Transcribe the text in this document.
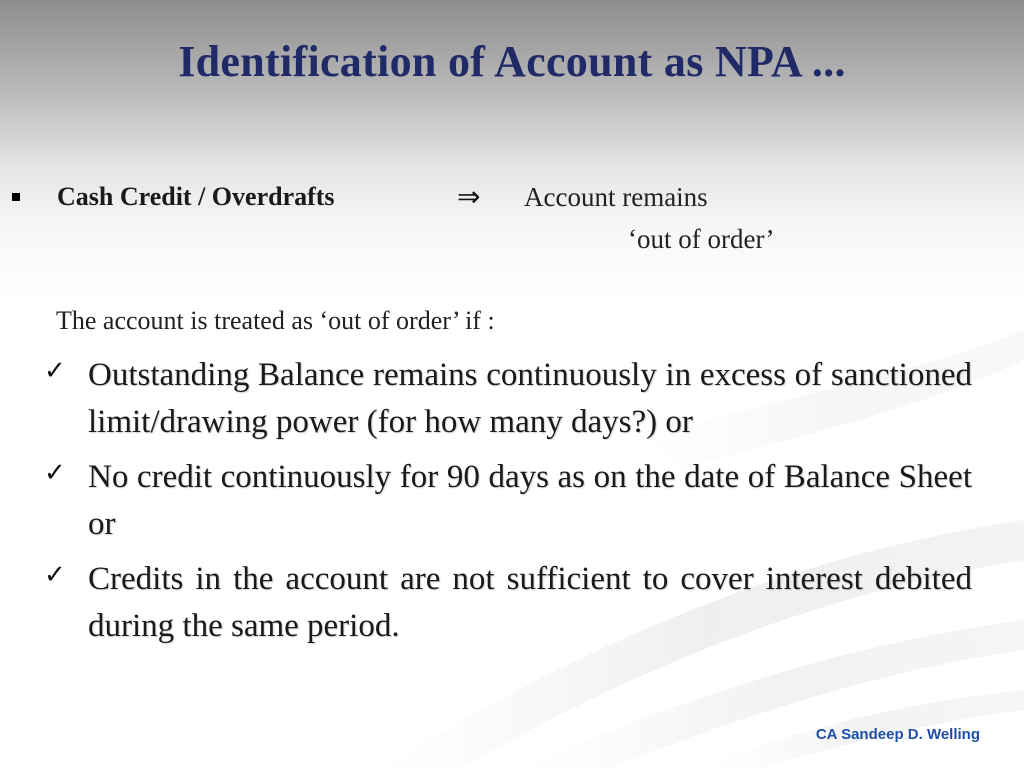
Identification of Account as NPA ...
Cash Credit / Overdrafts	⇒ Account remains
‘out of order’
The account is treated as ‘out of order’ if :
✓ Outstanding Balance remains continuously in excess of sanctioned limit/drawing power (for how many days?) or
✓ No credit continuously for 90 days as on the date of Balance Sheet or
✓ Credits in the account are not sufficient to cover interest debited during the same period.
CA Sandeep D. Welling
